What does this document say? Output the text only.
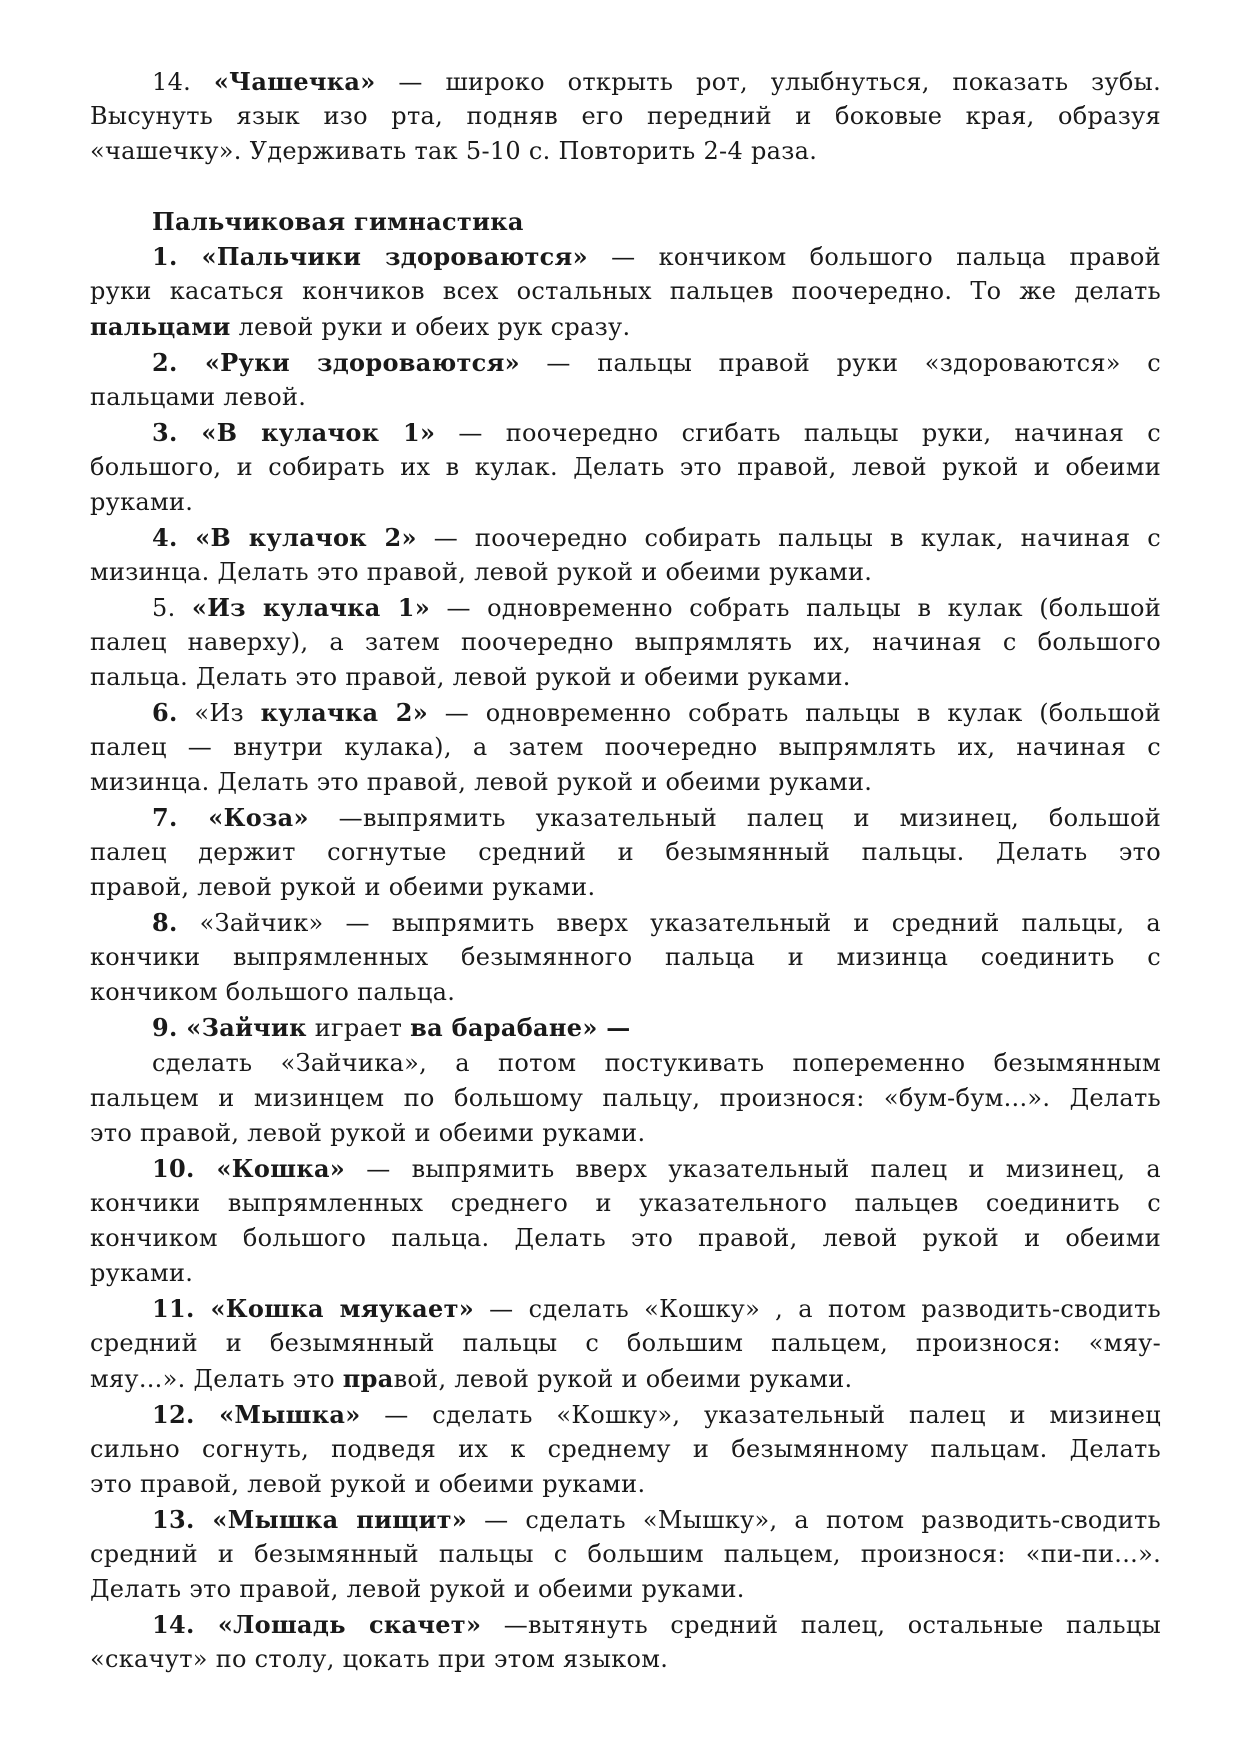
14. «Чашечка» — широко открыть рот, улыбнуться, показать зубы.
Высунуть язык изо рта, подняв его передний и боковые края, образуя
«чашечку». Удерживать так 5-10 с. Повторить 2-4 раза.
Пальчиковая гимнастика
1. «Пальчики здороваются» — кончиком большого пальца правой
руки касаться кончиков всех остальных пальцев поочередно. То же делать
пальцами левой руки и обеих рук сразу.
2. «Руки здороваются» — пальцы правой руки «здороваются» с
пальцами левой.
3. «В кулачок 1» — поочередно сгибать пальцы руки, начиная с
большого, и собирать их в кулак. Делать это правой, левой рукой и обеими
руками.
4. «В кулачок 2» — поочередно собирать пальцы в кулак, начиная с
мизинца. Делать это правой, левой рукой и обеими руками.
5. «Из кулачка 1» — одновременно собрать пальцы в кулак (большой
палец наверху), а затем поочередно выпрямлять их, начиная с большого
пальца. Делать это правой, левой рукой и обеими руками.
6. «Из кулачка 2» — одновременно собрать пальцы в кулак (большой
палец — внутри кулака), а затем поочередно выпрямлять их, начиная с
мизинца. Делать это правой, левой рукой и обеими руками.
7. «Коза» —выпрямить указательный палец и мизинец, большой
палец держит согнутые средний и безымянный пальцы. Делать это
правой, левой рукой и обеими руками.
8. «Зайчик» — выпрямить вверх указательный и средний пальцы, а
кончики выпрямленных безымянного пальца и мизинца соединить с
кончиком большого пальца.
9. «Зайчик играет ва барабане» —
сделать «Зайчика», а потом постукивать попеременно безымянным
пальцем и мизинцем по большому пальцу, произнося: «бум-бум...». Делать
это правой, левой рукой и обеими руками.
10. «Кошка» — выпрямить вверх указательный палец и мизинец, а
кончики выпрямленных среднего и указательного пальцев соединить с
кончиком большого пальца. Делать это правой, левой рукой и обеими
руками.
11. «Кошка мяукает» — сделать «Кошку» , а потом разводить-сводить
средний и безымянный пальцы с большим пальцем, произнося: «мяу-
мяу...». Делать это правой, левой рукой и обеими руками.
12. «Мышка» — сделать «Кошку», указательный палец и мизинец
сильно согнуть, подведя их к среднему и безымянному пальцам. Делать
это правой, левой рукой и обеими руками.
13. «Мышка пищит» — сделать «Мышку», а потом разводить-сводить
средний и безымянный пальцы с большим пальцем, произнося: «пи-пи...».
Делать это правой, левой рукой и обеими руками.
14. «Лошадь скачет» —вытянуть средний палец, остальные пальцы
«скачут» по столу, цокать при этом языком.
